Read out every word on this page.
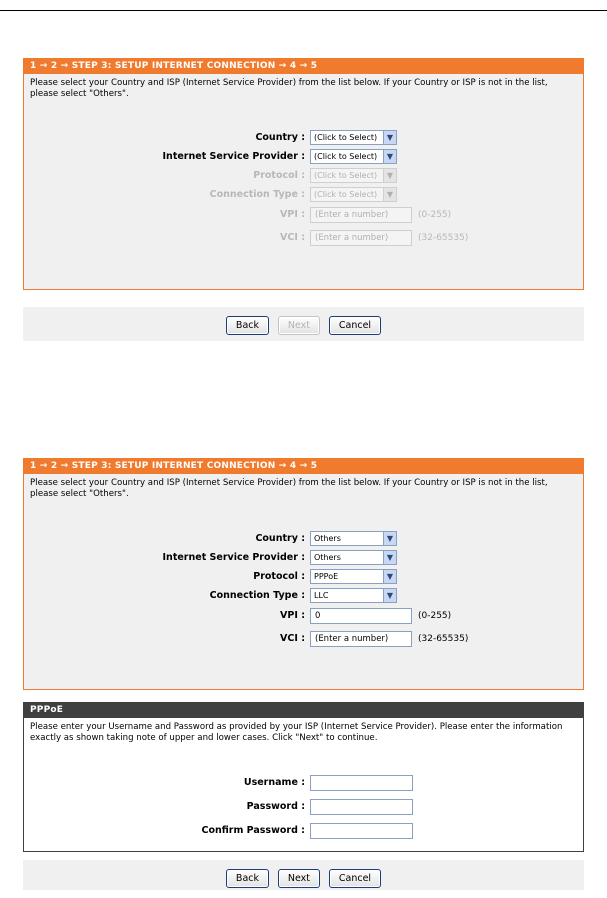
1 → 2 → STEP 3: SETUP INTERNET CONNECTION → 4 → 5
Please select your Country and ISP (Internet Service Provider) from the list below. If your Country or ISP is not in the list, please select "Others".
Country :	(Click to Select)	▼
Internet Service Provider :	(Click to Select)	▼
Protocol :	(Click to Select)	▼
Connection Type :	(Click to Select)	▼
VPI :	(Enter a number)	(0-255)
VCI :	(Enter a number)	(32-65535)
Back	Next	Cancel
1 → 2 → STEP 3: SETUP INTERNET CONNECTION → 4 → 5
Please select your Country and ISP (Internet Service Provider) from the list below. If your Country or ISP is not in the list, please select "Others".
Country :	Others	▼
Internet Service Provider :	Others	▼
Protocol :	PPPoE	▼
Connection Type :	LLC	▼
VPI :	0	(0-255)
VCI :	(Enter a number)	(32-65535)
PPPoE
Please enter your Username and Password as provided by your ISP (Internet Service Provider). Please enter the information exactly as shown taking note of upper and lower cases. Click "Next" to continue.
Username :
Password :
Confirm Password :
Back	Next	Cancel
